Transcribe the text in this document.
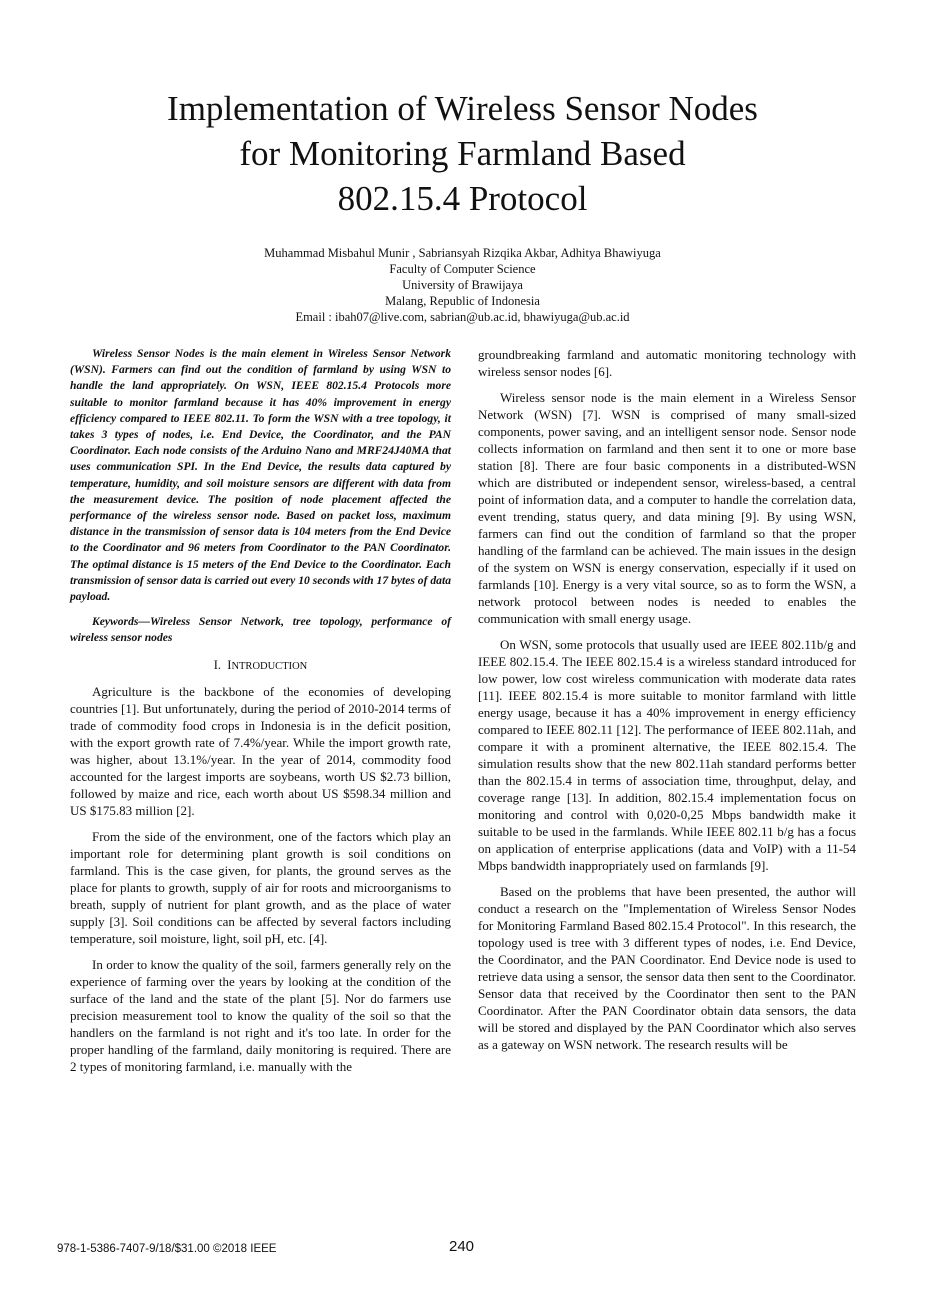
Implementation of Wireless Sensor Nodes
for Monitoring Farmland Based
802.15.4 Protocol
Muhammad Misbahul Munir , Sabriansyah Rizqika Akbar, Adhitya Bhawiyuga
Faculty of Computer Science
University of Brawijaya
Malang, Republic of Indonesia
Email : ibah07@live.com, sabrian@ub.ac.id, bhawiyuga@ub.ac.id

Wireless Sensor Nodes is the main element in Wireless Sensor Network (WSN). Farmers can find out the condition of farmland by using WSN to handle the land appropriately. On WSN, IEEE 802.15.4 Protocols more suitable to monitor farmland because it has 40% improvement in energy efficiency compared to IEEE 802.11. To form the WSN with a tree topology, it takes 3 types of nodes, i.e. End Device, the Coordinator, and the PAN Coordinator. Each node consists of the Arduino Nano and MRF24J40MA that uses communication SPI. In the End Device, the results data captured by temperature, humidity, and soil moisture sensors are different with data from the measurement device. The position of node placement affected the performance of the wireless sensor node. Based on packet loss, maximum distance in the transmission of sensor data is 104 meters from the End Device to the Coordinator and 96 meters from Coordinator to the PAN Coordinator. The optimal distance is 15 meters of the End Device to the Coordinator. Each transmission of sensor data is carried out every 10 seconds with 17 bytes of data payload.

Keywords—Wireless Sensor Network, tree topology, performance of wireless sensor nodes

I. INTRODUCTION

Agriculture is the backbone of the economies of developing countries [1]. But unfortunately, during the period of 2010-2014 terms of trade of commodity food crops in Indonesia is in the deficit position, with the export growth rate of 7.4%/year. While the import growth rate, was higher, about 13.1%/year. In the year of 2014, commodity food accounted for the largest imports are soybeans, worth US $2.73 billion, followed by maize and rice, each worth about US $598.34 million and US $175.83 million [2].

From the side of the environment, one of the factors which play an important role for determining plant growth is soil conditions on farmland. This is the case given, for plants, the ground serves as the place for plants to growth, supply of air for roots and microorganisms to breath, supply of nutrient for plant growth, and as the place of water supply [3]. Soil conditions can be affected by several factors including temperature, soil moisture, light, soil pH, etc. [4].

In order to know the quality of the soil, farmers generally rely on the experience of farming over the years by looking at the condition of the surface of the land and the state of the plant [5]. Nor do farmers use precision measurement tool to know the quality of the soil so that the handlers on the farmland is not right and it's too late. In order for the proper handling of the farmland, daily monitoring is required. There are 2 types of monitoring farmland, i.e. manually with the

groundbreaking farmland and automatic monitoring technology with wireless sensor nodes [6].

Wireless sensor node is the main element in a Wireless Sensor Network (WSN) [7]. WSN is comprised of many small-sized components, power saving, and an intelligent sensor node. Sensor node collects information on farmland and then sent it to one or more base station [8]. There are four basic components in a distributed-WSN which are distributed or independent sensor, wireless-based, a central point of information data, and a computer to handle the correlation data, event trending, status query, and data mining [9]. By using WSN, farmers can find out the condition of farmland so that the proper handling of the farmland can be achieved. The main issues in the design of the system on WSN is energy conservation, especially if it used on farmlands [10]. Energy is a very vital source, so as to form the WSN, a network protocol between nodes is needed to enables the communication with small energy usage.

On WSN, some protocols that usually used are IEEE 802.11b/g and IEEE 802.15.4. The IEEE 802.15.4 is a wireless standard introduced for low power, low cost wireless communication with moderate data rates [11]. IEEE 802.15.4 is more suitable to monitor farmland with little energy usage, because it has a 40% improvement in energy efficiency compared to IEEE 802.11 [12]. The performance of IEEE 802.11ah, and compare it with a prominent alternative, the IEEE 802.15.4. The simulation results show that the new 802.11ah standard performs better than the 802.15.4 in terms of association time, throughput, delay, and coverage range [13]. In addition, 802.15.4 implementation focus on monitoring and control with 0,020-0,25 Mbps bandwidth make it suitable to be used in the farmlands. While IEEE 802.11 b/g has a focus on application of enterprise applications (data and VoIP) with a 11-54 Mbps bandwidth inappropriately used on farmlands [9].

Based on the problems that have been presented, the author will conduct a research on the "Implementation of Wireless Sensor Nodes for Monitoring Farmland Based 802.15.4 Protocol". In this research, the topology used is tree with 3 different types of nodes, i.e. End Device, the Coordinator, and the PAN Coordinator. End Device node is used to retrieve data using a sensor, the sensor data then sent to the Coordinator. Sensor data that received by the Coordinator then sent to the PAN Coordinator. After the PAN Coordinator obtain data sensors, the data will be stored and displayed by the PAN Coordinator which also serves as a gateway on WSN network. The research results will be

978-1-5386-7407-9/18/$31.00 ©2018 IEEE	240
